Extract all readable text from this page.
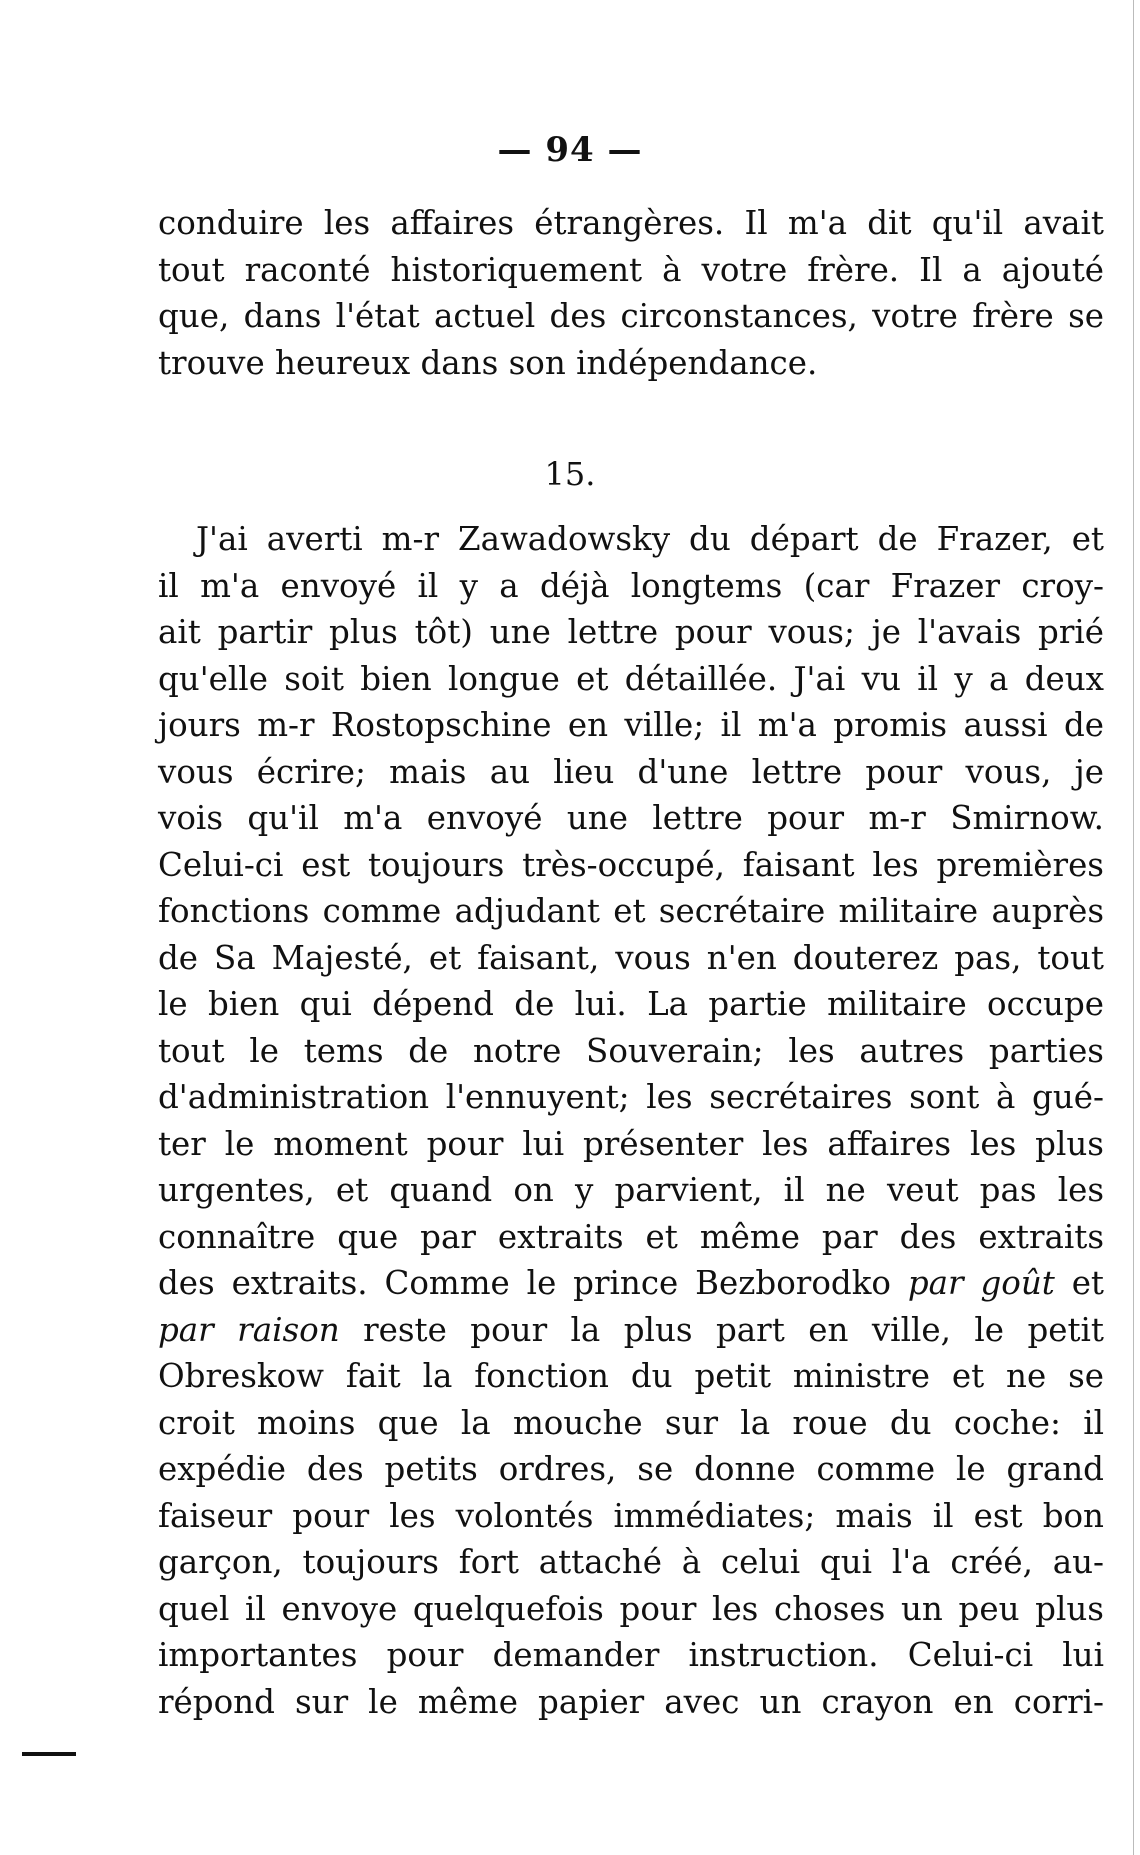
— 94 —
conduire les affaires étrangères. Il m'a dit qu'il avait
tout raconté historiquement à votre frère. Il a ajouté
que, dans l'état actuel des circonstances, votre frère se
trouve heureux dans son indépendance.
15.
J'ai averti m-r Zawadowsky du départ de Frazer, et
il m'a envoyé il y a déjà longtems (car Frazer croy-
ait partir plus tôt) une lettre pour vous; je l'avais prié
qu'elle soit bien longue et détaillée. J'ai vu il y a deux
jours m-r Rostopschine en ville; il m'a promis aussi de
vous écrire; mais au lieu d'une lettre pour vous, je
vois qu'il m'a envoyé une lettre pour m-r Smirnow.
Celui-ci est toujours très-occupé, faisant les premières
fonctions comme adjudant et secrétaire militaire auprès
de Sa Majesté, et faisant, vous n'en douterez pas, tout
le bien qui dépend de lui. La partie militaire occupe
tout le tems de notre Souverain; les autres parties
d'administration l'ennuyent; les secrétaires sont à gué-
ter le moment pour lui présenter les affaires les plus
urgentes, et quand on y parvient, il ne veut pas les
connaître que par extraits et même par des extraits
des extraits. Comme le prince Bezborodko par goût et
par raison reste pour la plus part en ville, le petit
Obreskow fait la fonction du petit ministre et ne se
croit moins que la mouche sur la roue du coche: il
expédie des petits ordres, se donne comme le grand
faiseur pour les volontés immédiates; mais il est bon
garçon, toujours fort attaché à celui qui l'a créé, au-
quel il envoye quelquefois pour les choses un peu plus
importantes pour demander instruction. Celui-ci lui
répond sur le même papier avec un crayon en corri-
